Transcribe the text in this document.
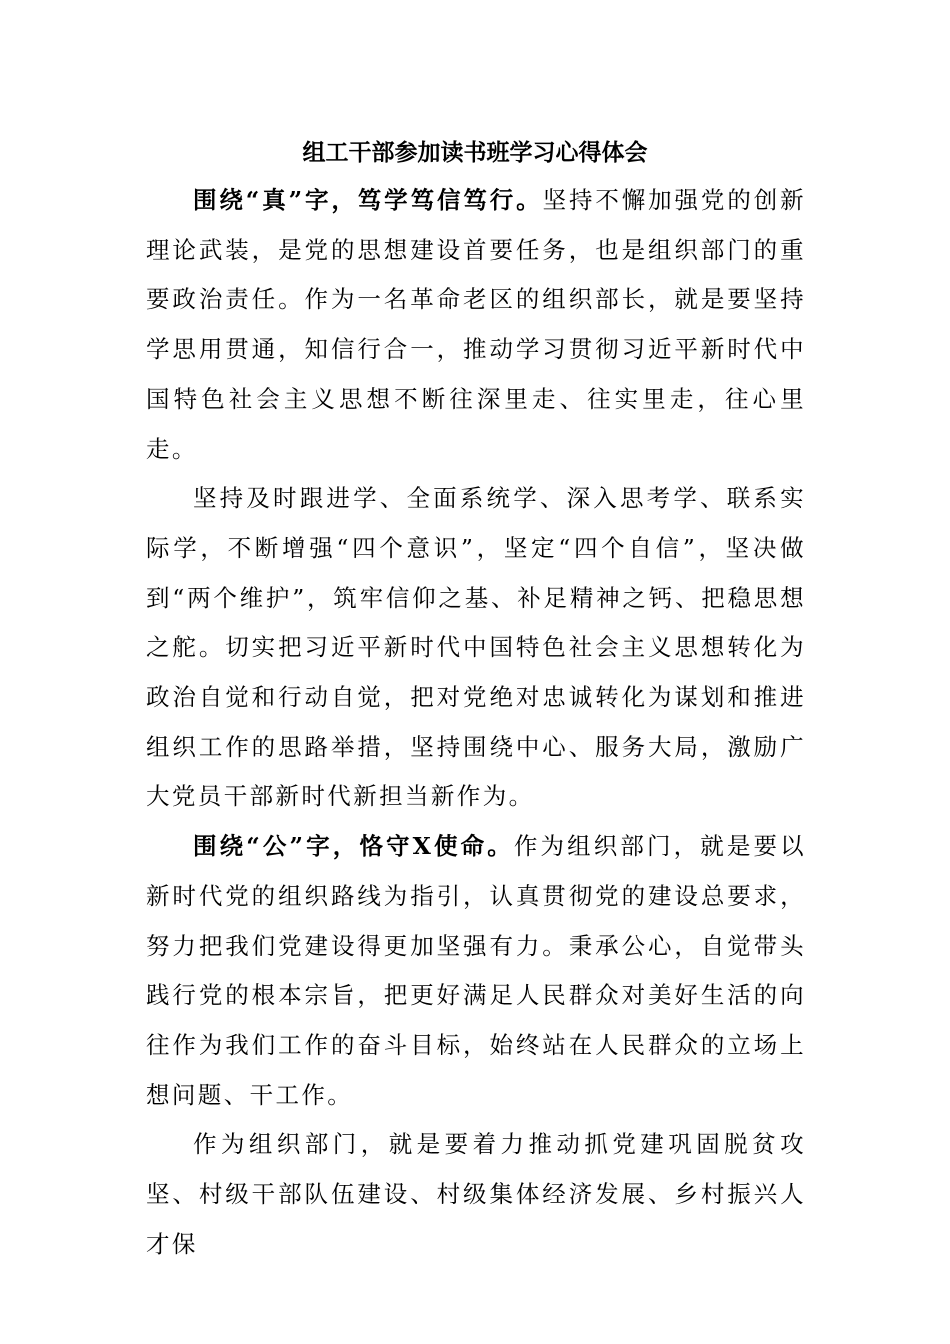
组工干部参加读书班学习心得体会

围绕“真”字，笃学笃信笃行。坚持不懈加强党的创新理论武装，是党的思想建设首要任务，也是组织部门的重要政治责任。作为一名革命老区的组织部长，就是要坚持学思用贯通，知信行合一，推动学习贯彻习近平新时代中国特色社会主义思想不断往深里走、往实里走，往心里走。

坚持及时跟进学、全面系统学、深入思考学、联系实际学，不断增强“四个意识”，坚定“四个自信”，坚决做到“两个维护”，筑牢信仰之基、补足精神之钙、把稳思想之舵。切实把习近平新时代中国特色社会主义思想转化为政治自觉和行动自觉，把对党绝对忠诚转化为谋划和推进组织工作的思路举措，坚持围绕中心、服务大局，激励广大党员干部新时代新担当新作为。

围绕“公”字，恪守X使命。作为组织部门，就是要以新时代党的组织路线为指引，认真贯彻党的建设总要求，努力把我们党建设得更加坚强有力。秉承公心，自觉带头践行党的根本宗旨，把更好满足人民群众对美好生活的向往作为我们工作的奋斗目标，始终站在人民群众的立场上想问题、干工作。

作为组织部门，就是要着力推动抓党建巩固脱贫攻坚、村级干部队伍建设、村级集体经济发展、乡村振兴人才保
